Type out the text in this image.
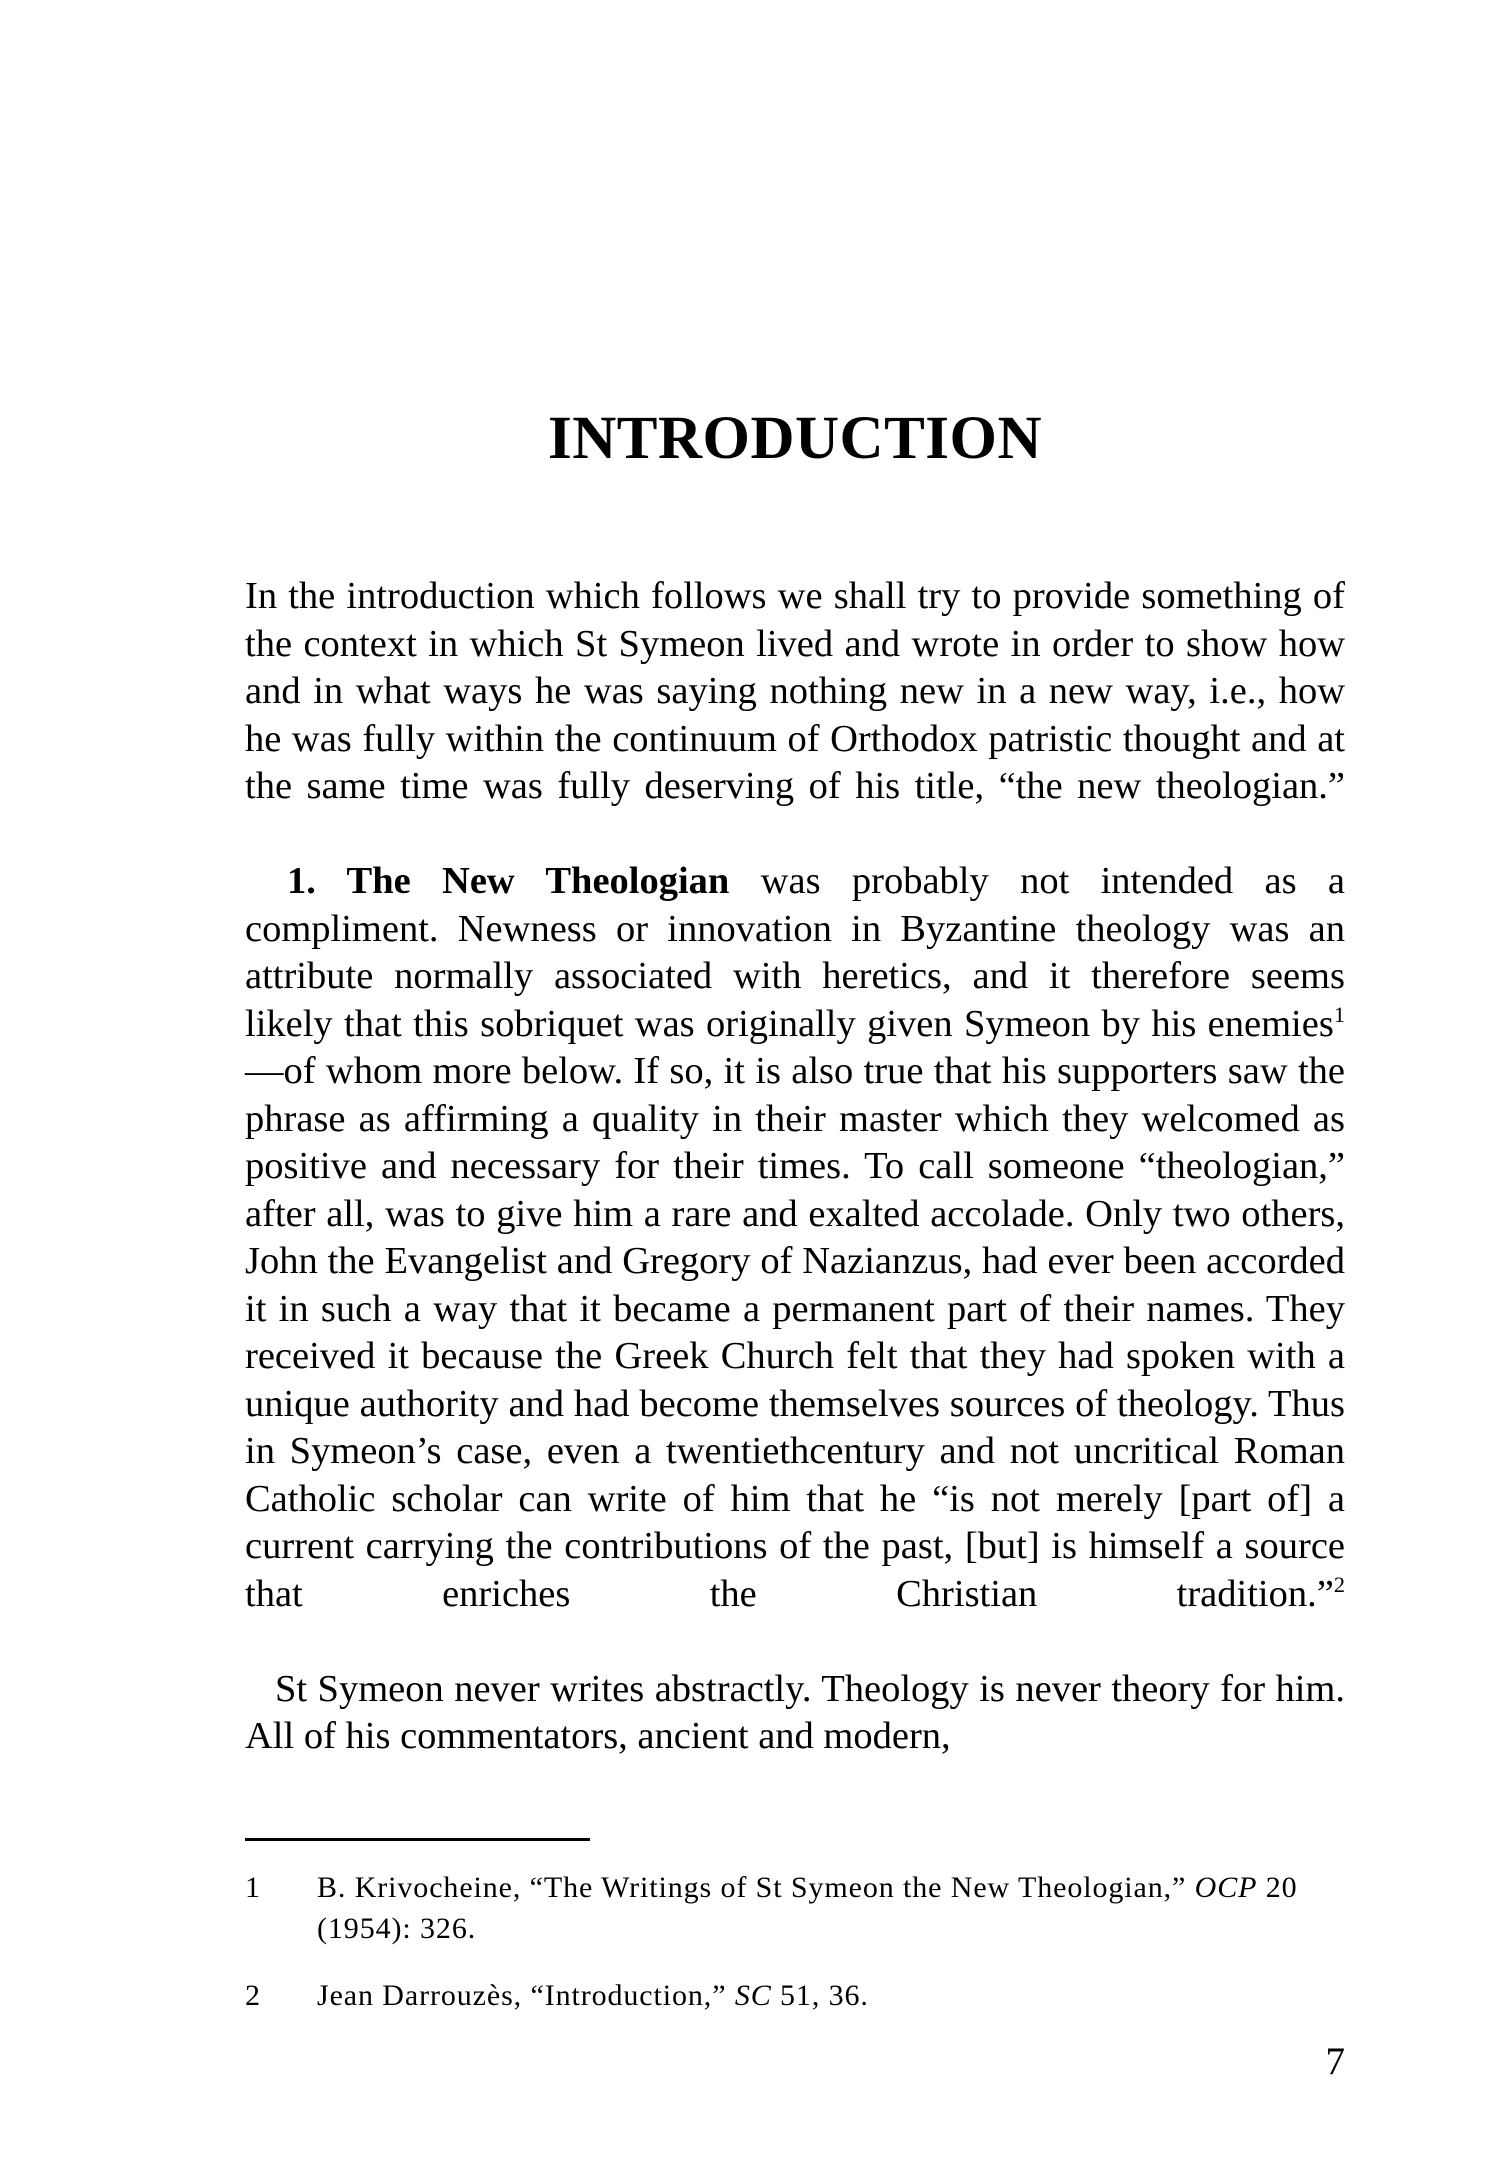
INTRODUCTION

In the introduction which follows we shall try to provide something of the context in which St Symeon lived and wrote in order to show how and in what ways he was saying nothing new in a new way, i.e., how he was fully within the continuum of Orthodox patristic thought and at the same time was fully deserving of his title, “the new theologian.”

1. The New Theologian was probably not intended as a compliment. Newness or innovation in Byzantine theology was an attribute normally associated with heretics, and it therefore seems likely that this sobriquet was originally given Symeon by his enemies$^1$—of whom more below. If so, it is also true that his supporters saw the phrase as affirming a quality in their master which they welcomed as positive and necessary for their times. To call someone “theologian,” after all, was to give him a rare and exalted accolade. Only two others, John the Evangelist and Gregory of Nazianzus, had ever been accorded it in such a way that it became a permanent part of their names. They received it because the Greek Church felt that they had spoken with a unique authority and had become themselves sources of theology. Thus in Symeon’s case, even a twentiethcentury and not uncritical Roman Catholic scholar can write of him that he “is not merely [part of] a current carrying the contributions of the past, [but] is himself a source that enriches the Christian tradition.”$^2$

St Symeon never writes abstractly. Theology is never theory for him. All of his commentators, ancient and modern,

1	B. Krivocheine, “The Writings of St Symeon the New Theologian,” OCP 20 (1954): 326.
2	Jean Darrouzès, “Introduction,” SC 51, 36.
7
